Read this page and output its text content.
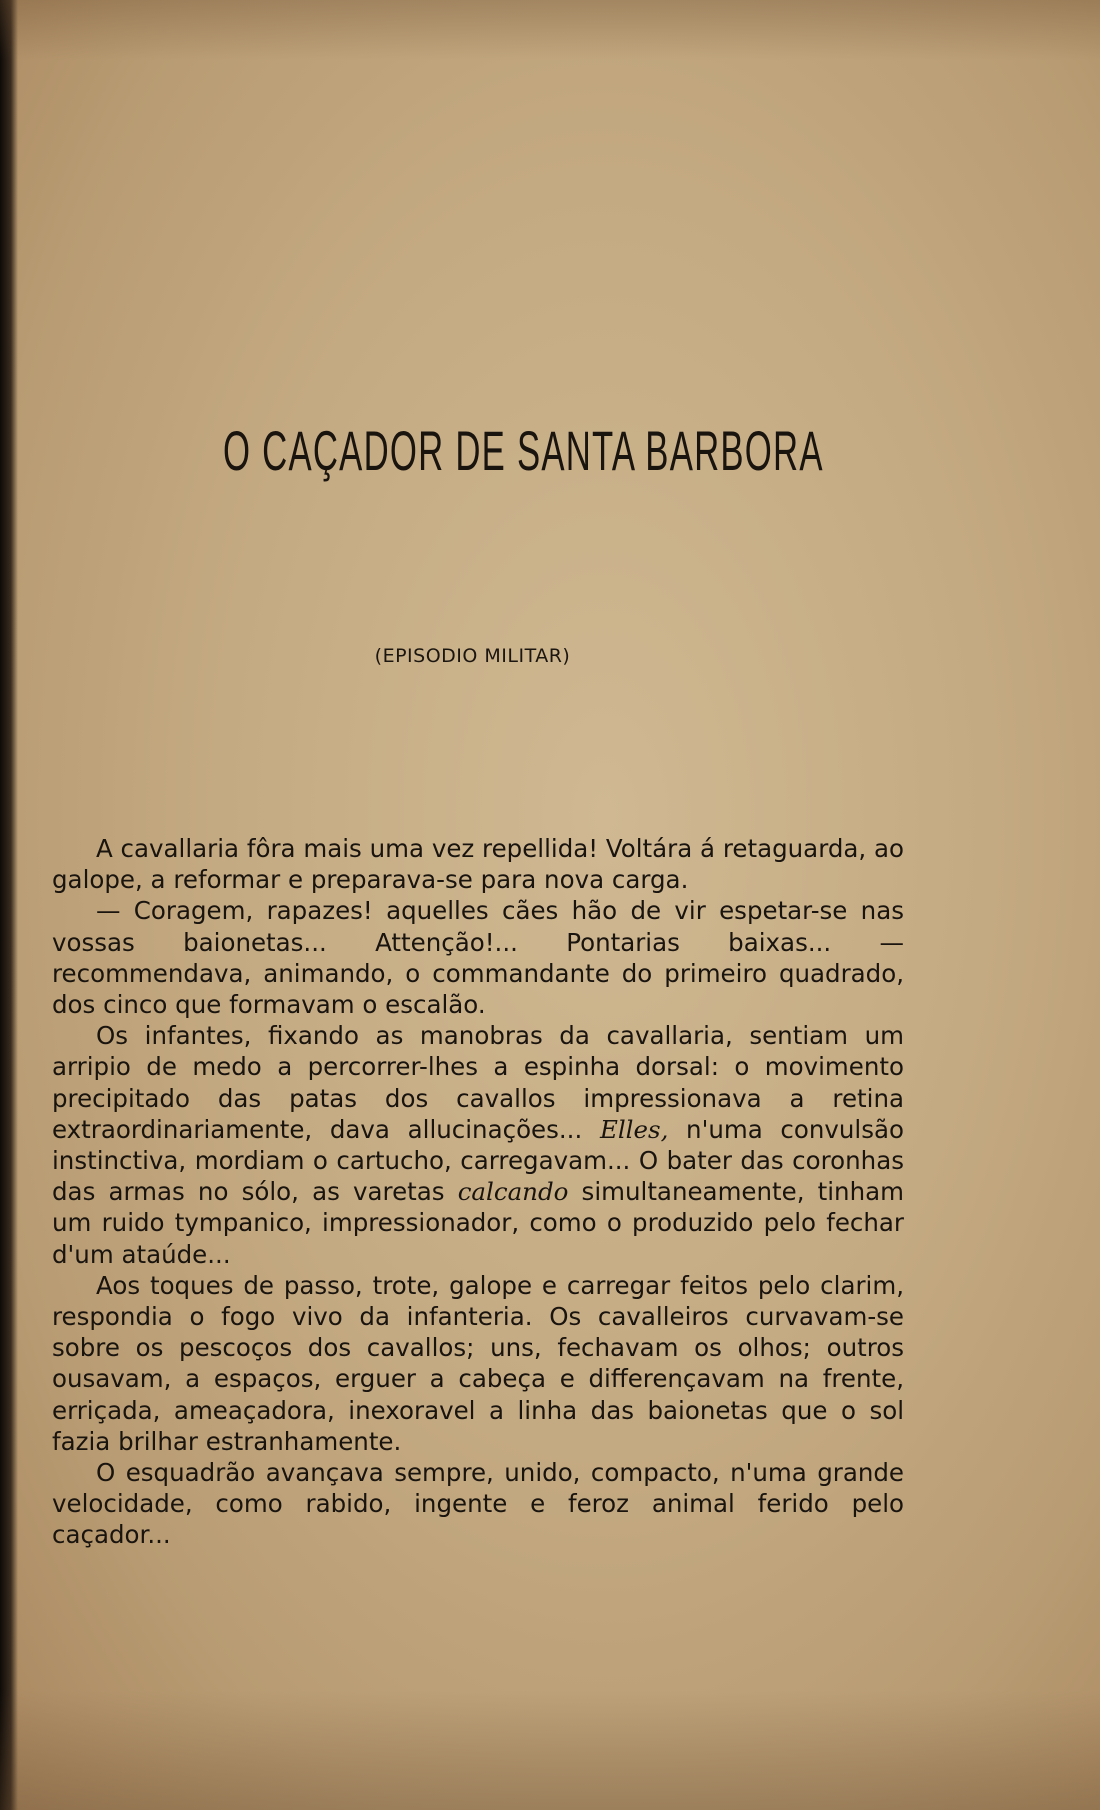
O CAÇADOR DE SANTA BARBORA
(EPISODIO MILITAR)

A cavallaria fôra mais uma vez repellida! Voltára á retaguarda, ao galope, a reformar e preparava-se para nova carga.

— Coragem, rapazes! aquelles cães hão de vir espetar-se nas vossas baionetas... Attenção!... Pontarias baixas... — recommendava, animando, o commandante do primeiro quadrado, dos cinco que formavam o escalão.

Os infantes, fixando as manobras da cavallaria, sentiam um arripio de medo a percorrer-lhes a espinha dorsal: o movimento precipitado das patas dos cavallos impressionava a retina extraordinariamente, dava allucinações... Elles, n'uma convulsão instinctiva, mordiam o cartucho, carregavam... O bater das coronhas das armas no sólo, as varetas calcando simultaneamente, tinham um ruido tympanico, impressionador, como o produzido pelo fechar d'um ataúde...

Aos toques de passo, trote, galope e carregar feitos pelo clarim, respondia o fogo vivo da infanteria. Os cavalleiros curvavam-se sobre os pescoços dos cavallos; uns, fechavam os olhos; outros ousavam, a espaços, erguer a cabeça e differençavam na frente, erriçada, ameaçadora, inexoravel a linha das baionetas que o sol fazia brilhar estranhamente.

O esquadrão avançava sempre, unido, compacto, n'uma grande velocidade, como rabido, ingente e feroz animal ferido pelo caçador...
